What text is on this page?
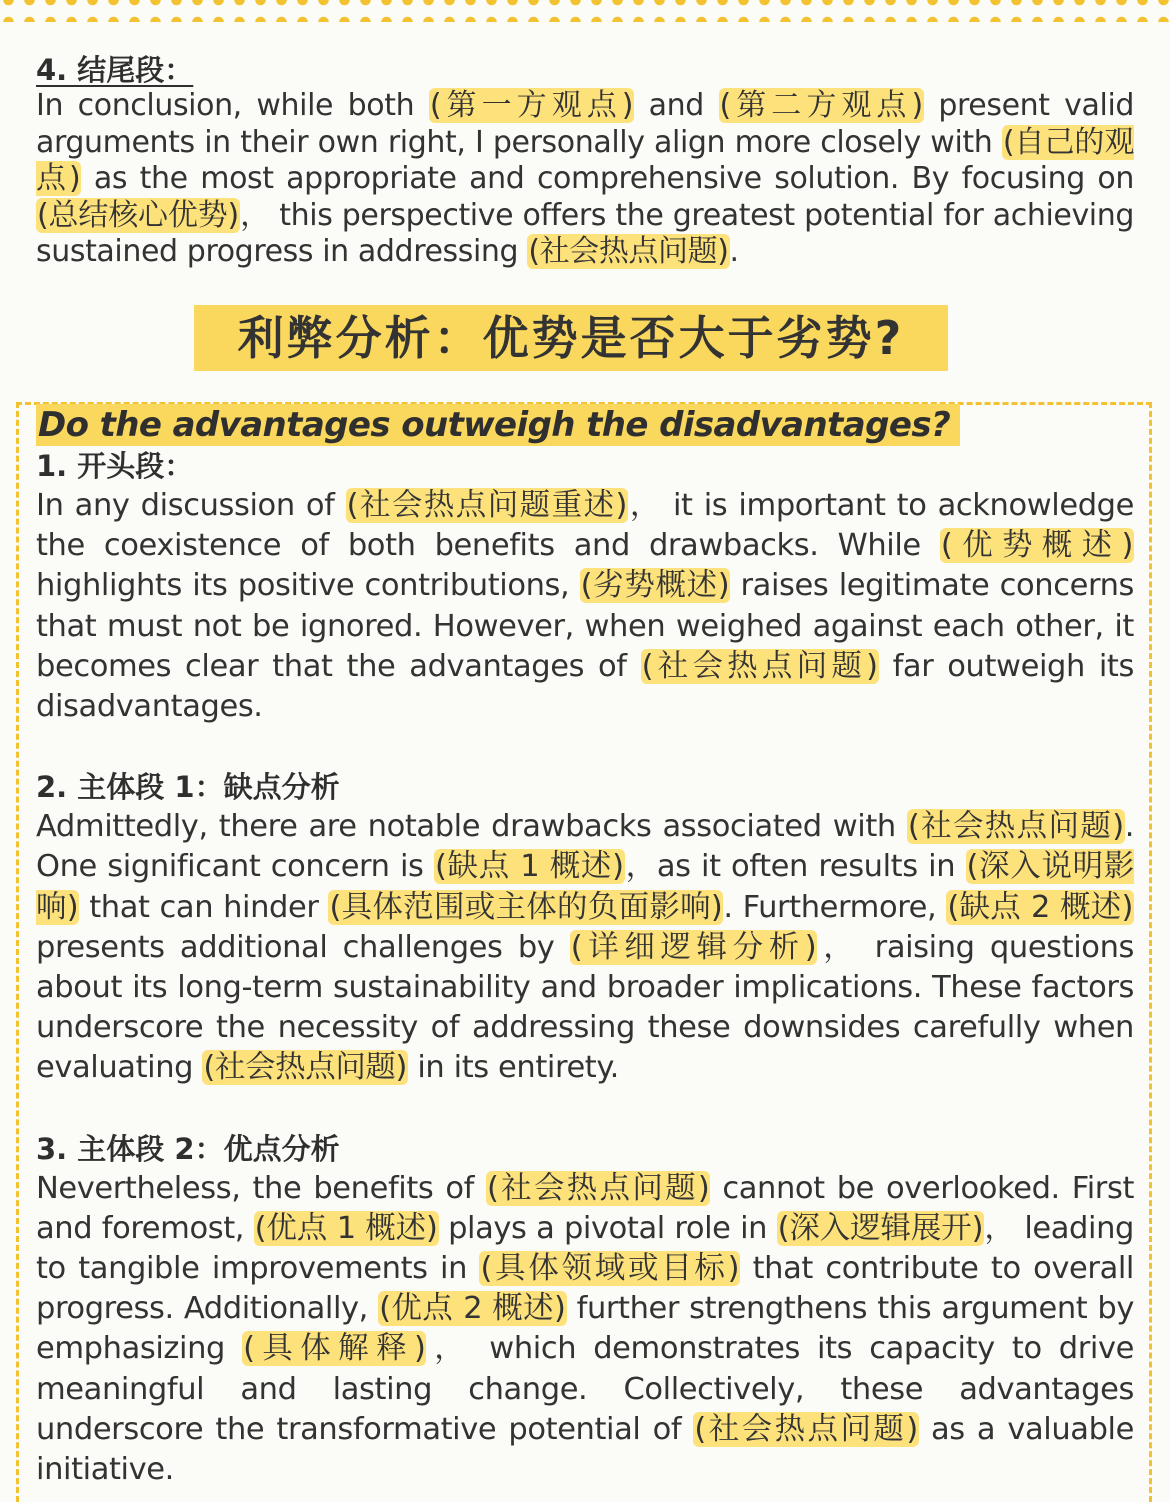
4. 结尾段：

In conclusion, while both (第一方观点) and (第二方观点) present valid arguments in their own right, I personally align more closely with (自己的观点) as the most appropriate and comprehensive solution. By focusing on (总结核心优势)， this perspective offers the greatest potential for achieving sustained progress in addressing (社会热点问题).

利弊分析：优势是否大于劣势?
Do the advantages outweigh the disadvantages?
1. 开头段：

In any discussion of (社会热点问题重述)， it is important to acknowledge the coexistence of both benefits and drawbacks. While (优势概述) highlights its positive contributions, (劣势概述) raises legitimate concerns that must not be ignored. However, when weighed against each other, it becomes clear that the advantages of (社会热点问题) far outweigh its disadvantages.

2. 主体段 1：缺点分析

Admittedly, there are notable drawbacks associated with (社会热点问题). One significant concern is (缺点 1 概述)，as it often results in (深入说明影响) that can hinder (具体范围或主体的负面影响). Furthermore, (缺点 2 概述) presents additional challenges by (详细逻辑分析)， raising questions about its long-term sustainability and broader implications. These factors underscore the necessity of addressing these downsides carefully when evaluating (社会热点问题) in its entirety.

3. 主体段 2：优点分析

Nevertheless, the benefits of (社会热点问题) cannot be overlooked. First and foremost, (优点 1 概述) plays a pivotal role in (深入逻辑展开)， leading to tangible improvements in (具体领域或目标) that contribute to overall progress. Additionally, (优点 2 概述) further strengthens this argument by emphasizing (具体解释)， which demonstrates its capacity to drive meaningful and lasting change. Collectively, these advantages underscore the transformative potential of (社会热点问题) as a valuable initiative.
